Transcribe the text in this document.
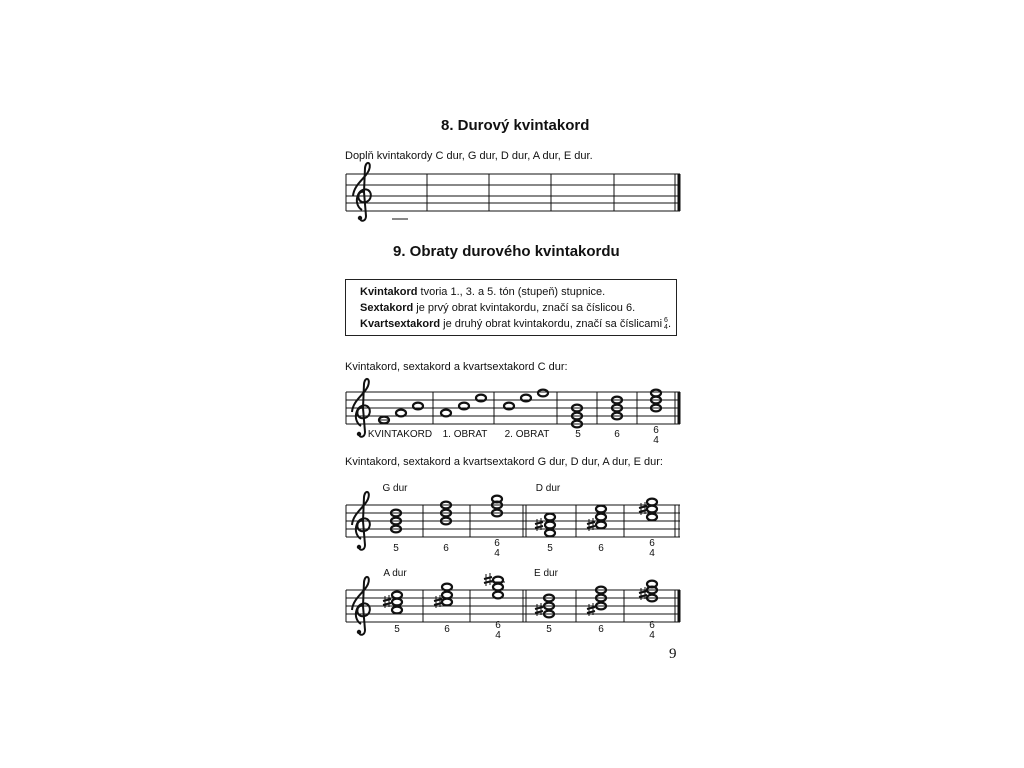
8. Durový kvintakord
Doplň kvintakordy C dur, G dur, D dur, A dur, E dur.
9. Obraty durového kvintakordu
Kvintakord tvoria 1., 3. a 5. tón (stupeň) stupnice.
Sextakord je prvý obrat kvintakordu, značí sa číslicou 6.
Kvartsextakord je druhý obrat kvintakordu, značí sa číslicami 6
4.
Kvintakord, sextakord a kvartsextakord C dur:
Kvintakord, sextakord a kvartsextakord G dur, D dur, A dur, E dur:
9
KVINTAKORD 1. OBRAT 2. OBRAT	5	6	6
4
G dur	D dur
5	6	6
4	5	6	6
4
A dur	E dur
5	6	6
4
5	6	6
4
